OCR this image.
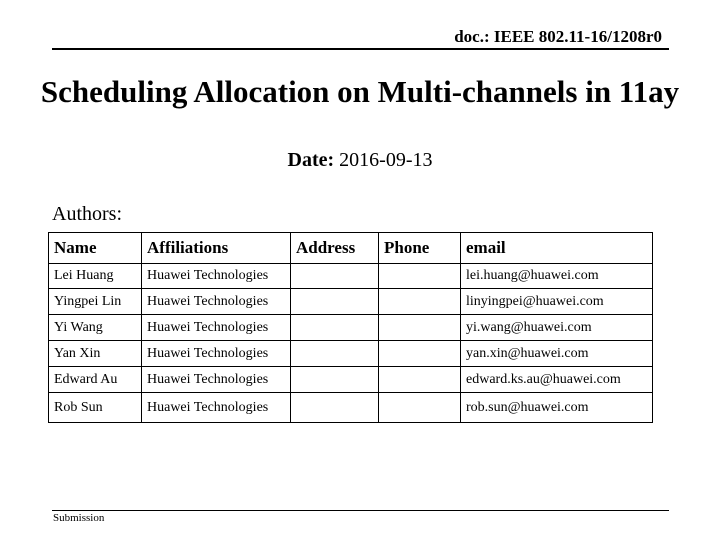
doc.: IEEE 802.11-16/1208r0
Scheduling Allocation on Multi-channels in 11ay
Date: 2016-09-13
Authors:
Name	Affiliations	Address	Phone	email
Lei Huang	Huawei Technologies			lei.huang@huawei.com
Yingpei Lin	Huawei Technologies			linyingpei@huawei.com
Yi Wang	Huawei Technologies			yi.wang@huawei.com
Yan Xin	Huawei Technologies			yan.xin@huawei.com
Edward Au	Huawei Technologies			edward.ks.au@huawei.com
Rob Sun	Huawei Technologies			rob.sun@huawei.com
Submission
